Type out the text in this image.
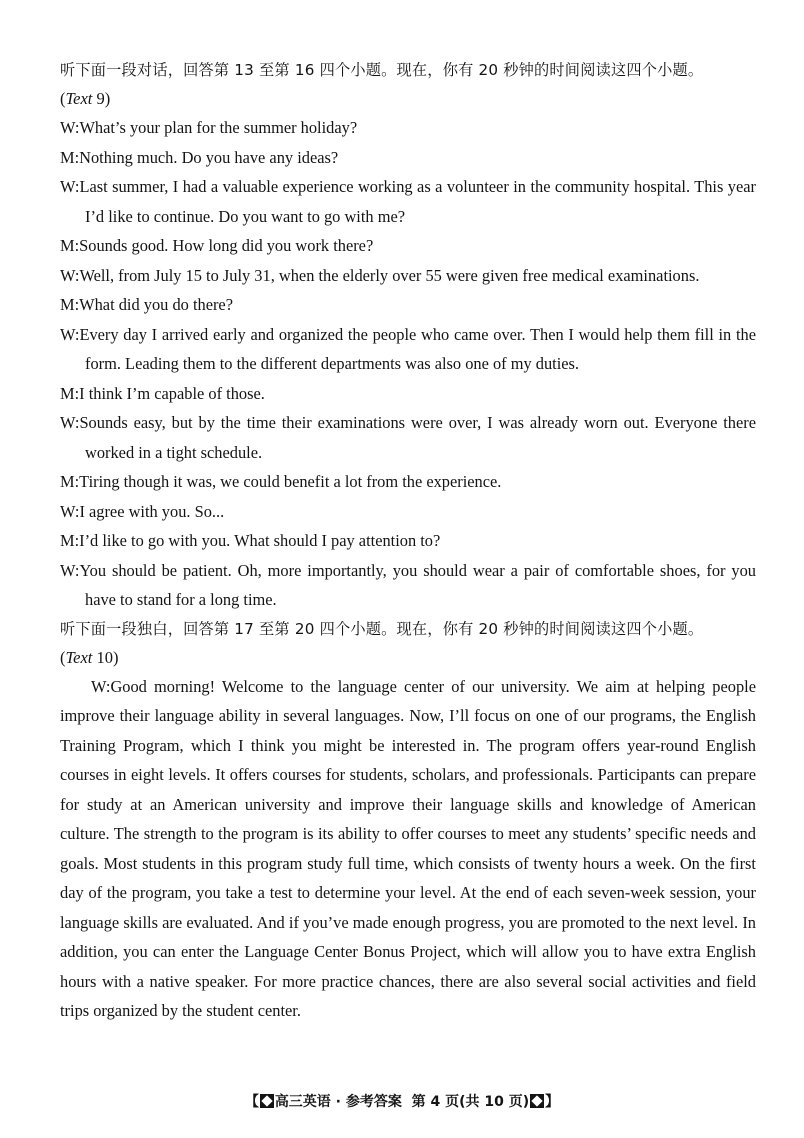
听下面一段对话，回答第 13 至第 16 四个小题。现在，你有 20 秒钟的时间阅读这四个小题。
(Text 9)
W:What’s your plan for the summer holiday?
M:Nothing much. Do you have any ideas?
W:Last summer, I had a valuable experience working as a volunteer in the community hospital. This year I’d like to continue. Do you want to go with me?
M:Sounds good. How long did you work there?
W:Well, from July 15 to July 31, when the elderly over 55 were given free medical examinations.
M:What did you do there?
W:Every day I arrived early and organized the people who came over. Then I would help them fill in the form. Leading them to the different departments was also one of my duties.
M:I think I’m capable of those.
W:Sounds easy, but by the time their examinations were over, I was already worn out. Everyone there worked in a tight schedule.
M:Tiring though it was, we could benefit a lot from the experience.
W:I agree with you. So...
M:I’d like to go with you. What should I pay attention to?
W:You should be patient. Oh, more importantly, you should wear a pair of comfortable shoes, for you have to stand for a long time.
听下面一段独白，回答第 17 至第 20 四个小题。现在，你有 20 秒钟的时间阅读这四个小题。
(Text 10)
W:Good morning! Welcome to the language center of our university. We aim at helping people improve their language ability in several languages. Now, I’ll focus on one of our programs, the English Training Program, which I think you might be interested in. The program offers year-round English courses in eight levels. It offers courses for students, scholars, and professionals. Participants can prepare for study at an American university and improve their language skills and knowledge of American culture. The strength to the program is its ability to offer courses to meet any students’ specific needs and goals. Most students in this program study full time, which consists of twenty hours a week. On the first day of the program, you take a test to determine your level. At the end of each seven-week session, your language skills are evaluated. And if you’ve made enough progress, you are promoted to the next level. In addition, you can enter the Language Center Bonus Project, which will allow you to have extra English hours with a native speaker. For more practice chances, there are also several social activities and field trips organized by the student center.
【 高三英语 · 参考答案 第 4 页(共 10 页) 】
